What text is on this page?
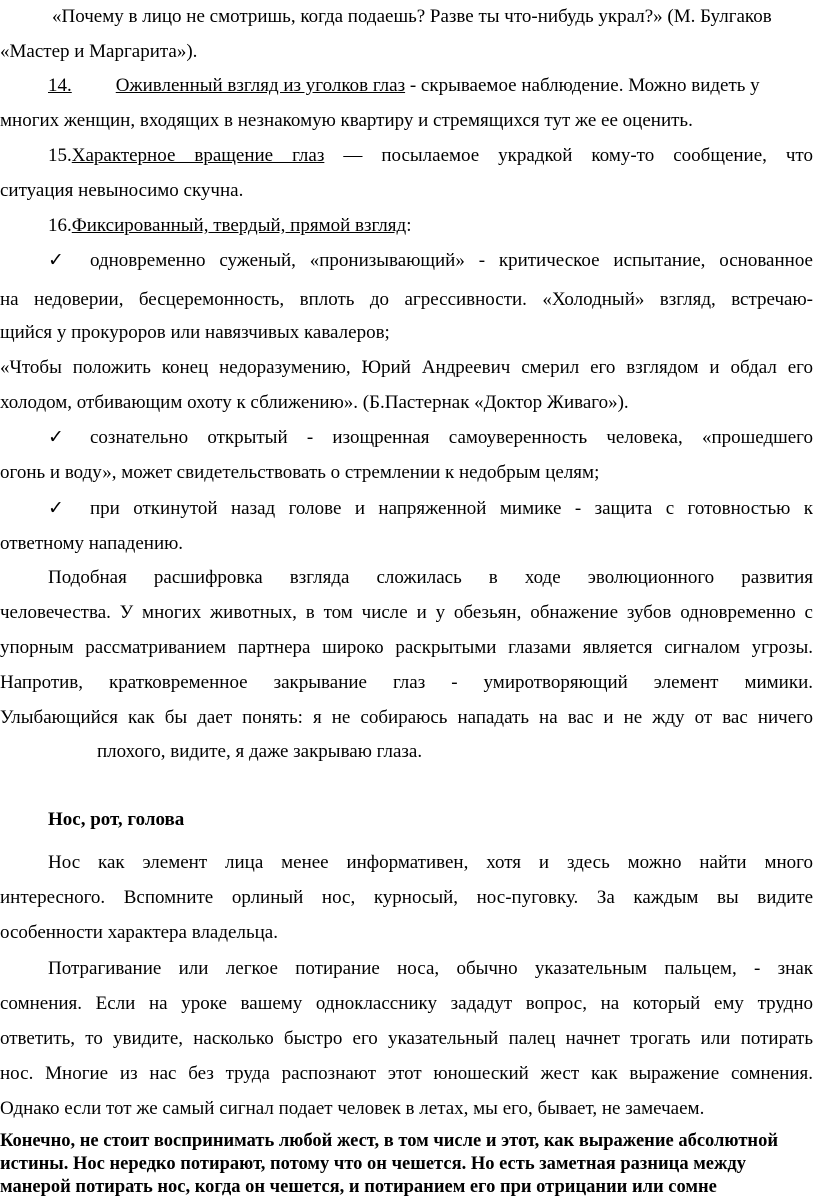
«Почему в лицо не смотришь, когда подаешь? Разве ты что-нибудь украл?» (М. Булгаков
«Мастер и Маргарита»).
14. Оживленный взгляд из уголков глаз - скрываемое наблюдение. Можно видеть у
многих женщин, входящих в незнакомую квартиру и стремящихся тут же ее оценить.
15.Характерное вращение глаз — посылаемое украдкой кому-то сообщение, что
ситуация невыносимо скучна.
16.Фиксированный, твердый, прямой взгляд:
✓ одновременно суженый, «пронизывающий» - критическое испытание, основанное
на недоверии, бесцеремонность, вплоть до агрессивности. «Холодный» взгляд, встречаю-
щийся у прокуроров или навязчивых кавалеров;
«Чтобы положить конец недоразумению, Юрий Андреевич смерил его взглядом и обдал его
холодом, отбивающим охоту к сближению». (Б.Пастернак «Доктор Живаго»).
✓ сознательно открытый - изощренная самоуверенность человека, «прошедшего
огонь и воду», может свидетельствовать о стремлении к недобрым целям;
✓ при откинутой назад голове и напряженной мимике - защита с готовностью к
ответному нападению.
Подобная расшифровка взгляда сложилась в ходе эволюционного развития
человечества. У многих животных, в том числе и у обезьян, обнажение зубов одновременно с
упорным рассматриванием партнера широко раскрытыми глазами является сигналом угрозы.
Напротив, кратковременное закрывание глаз - умиротворяющий элемент мимики.
Улыбающийся как бы дает понять: я не собираюсь нападать на вас и не жду от вас ничего
плохого, видите, я даже закрываю глаза.
Нос, рот, голова
Нос как элемент лица менее информативен, хотя и здесь можно найти много
интересного. Вспомните орлиный нос, курносый, нос-пуговку. За каждым вы видите
особенности характера владельца.
Потрагивание или легкое потирание носа, обычно указательным пальцем, - знак
сомнения. Если на уроке вашему однокласснику зададут вопрос, на который ему трудно
ответить, то увидите, насколько быстро его указательный палец начнет трогать или потирать
нос. Многие из нас без труда распознают этот юношеский жест как выражение сомнения.
Однако если тот же самый сигнал подает человек в летах, мы его, бывает, не замечаем.
Конечно, не стоит воспринимать любой жест, в том числе и этот, как выражение абсолютной
истины. Нос нередко потирают, потому что он чешется. Но есть заметная разница между
манерой потирать нос, когда он чешется, и потиранием его при отрицании или сомне
